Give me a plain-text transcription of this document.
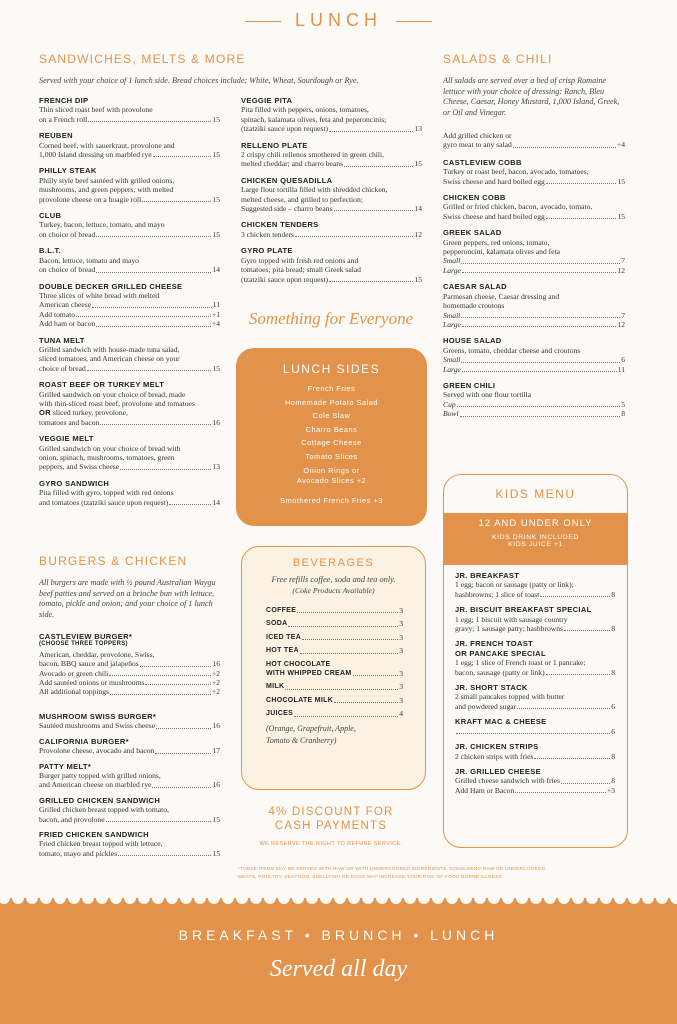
LUNCH
SANDWICHES, MELTS & MORE
Served with your choice of 1 lunch side. Bread choices include: White, Wheat, Sourdough or Rye.
FRENCH DIP
Thin sliced roast beef with provolone
on a French roll	15
REUBEN
Corned beef, with sauerkraut, provolone and
1,000 Island dressing on marbled rye	15
PHILLY STEAK
Philly style beef sautéed with grilled onions,
mushrooms, and green peppers, with melted
provolone cheese on a hoagie roll	15
CLUB
Turkey, bacon, lettuce, tomato, and mayo
on choice of bread	15
B.L.T.
Bacon, lettuce, tomato and mayo
on choice of bread	14
DOUBLE DECKER GRILLED CHEESE
Three slices of white bread with melted
American cheese	11
Add tomato	+1
Add ham or bacon	+4
TUNA MELT
Grilled sandwich with house-made tuna salad,
sliced tomatoes, and American cheese on your
choice of bread	15
ROAST BEEF OR TURKEY MELT
Grilled sandwich on your choice of bread, made
with thin-sliced roast beef, provolone and tomatoes
OR sliced turkey, provolone,
tomatoes and bacon	16
VEGGIE MELT
Grilled sandwich on your choice of bread with
onion, spinach, mushrooms, tomatoes, green
peppers, and Swiss cheese	13
GYRO SANDWICH
Pita filled with gyro, topped with red onions
and tomatoes (tzatziki sauce upon request)	14
VEGGIE PITA
Pita filled with peppers, onions, tomatoes,
spinach, kalamata olives, feta and peperoncinis;
(tzatziki sauce upon request)	13
RELLENO PLATE
2 crispy chili rellenos smothered in green chili,
melted cheddar; and charro beans	15
CHICKEN QUESADILLA
Large flour tortilla filled with shredded chicken,
melted cheese, and grilled to perfection;
Suggested side – charro beans	14
CHICKEN TENDERS
3 chicken tenders	12
GYRO PLATE
Gyro topped with fresh red onions and
tomatoes; pita bread; small Greek salad
(tzatziki sauce upon request)	15
Something for Everyone
LUNCH SIDES
French Fries
Homemade Potato Salad
Cole Slaw
Charro Beans
Cottage Cheese
Tomato Slices
Onion Rings or
Avocado Slices +2
Smothered French Fries +3
BURGERS & CHICKEN
All burgers are made with ½ pound Australian Waygu beef patties and served on a brioche bun with lettuce, tomato, pickle and onion; and your choice of 1 lunch side.
CASTLEVIEW BURGER*
(CHOOSE THREE TOPPERS)
American, cheddar, provolone, Swiss,
bacon, BBQ sauce and jalapeños	16
Avocado or green chili	+2
Add sautéed onions or mushrooms	+2
All additional toppings	+2
MUSHROOM SWISS BURGER*
Sautéed mushrooms and Swiss cheese	16
CALIFORNIA BURGER*
Provolone cheese, avocado and bacon	17
PATTY MELT*
Burger patty topped with grilled onions,
and American cheese on marbled rye	16
GRILLED CHICKEN SANDWICH
Grilled chicken breast topped with tomato,
bacon, and provolone	15
FRIED CHICKEN SANDWICH
Fried chicken breast topped with lettuce,
tomato, mayo and pickles	15
BEVERAGES
Free refills coffee, soda and tea only.
(Coke Products Available)
COFFEE	3
SODA	3
ICED TEA	3
HOT TEA	3
HOT CHOCOLATE
WITH WHIPPED CREAM	3
MILK	3
CHOCOLATE MILK	3
JUICES	4
(Orange, Grapefruit, Apple,
Tomato & Cranberry)
4% DISCOUNT FOR
CASH PAYMENTS
WE RESERVE THE RIGHT TO REFUSE SERVICE.
*THESE ITEMS MAY BE SERVED WITH RAW OR WITH UNDERCOOKED INGREDIENTS. CONSUMING RAW OR UNDERCOOKED
MEATS, POULTRY, SEAFOOD, SHELLFISH OR EGGS MAY INCREASE YOUR RISK OF FOOD BORNE ILLNESS.
SALADS & CHILI
All salads are served over a bed of crisp Romaine lettuce with your choice of dressing: Ranch, Bleu Cheese, Caesar, Honey Mustard, 1,000 Island, Greek, or Oil and Vinegar.
Add grilled chicken or
gyro meat to any salad	+4
CASTLEVIEW COBB
Turkey or roast beef, bacon, avocado, tomatoes,
Swiss cheese and hard boiled egg	15
CHICKEN COBB
Grilled or fried chicken, bacon, avocado, tomato,
Swiss cheese and hard boiled egg	15
GREEK SALAD
Green peppers, red onions, tomato,
pepperoncini, kalamata olives and feta
Small	7
Large	12
CAESAR SALAD
Parmesan cheese, Caesar dressing and
homemade croutons
Small	7
Large	12
HOUSE SALAD
Greens, tomato, cheddar cheese and croutons
Small	6
Large	11
GREEN CHILI
Served with one flour tortilla
Cup	5
Bowl	8
KIDS MENU
12 AND UNDER ONLY
KIDS DRINK INCLUDED
KIDS JUICE +1
JR. BREAKFAST
1 egg; bacon or sausage (patty or link);
hashbrowns; 1 slice of toast	8
JR. BISCUIT BREAKFAST SPECIAL
1 egg; 1 biscuit with sausage country
gravy; 1 sausage patty; hashbrowns	8
JR. FRENCH TOAST
OR PANCAKE SPECIAL
1 egg; 1 slice of French toast or 1 pancake;
bacon, sausage (patty or link)	8
JR. SHORT STACK
2 small pancakes topped with butter
and powdered sugar	6
KRAFT MAC & CHEESE
6
JR. CHICKEN STRIPS
2 chicken strips with fries	8
JR. GRILLED CHEESE
Grilled cheese sandwich with fries	8
Add Ham or Bacon	+3
BREAKFAST • BRUNCH • LUNCH
Served all day
